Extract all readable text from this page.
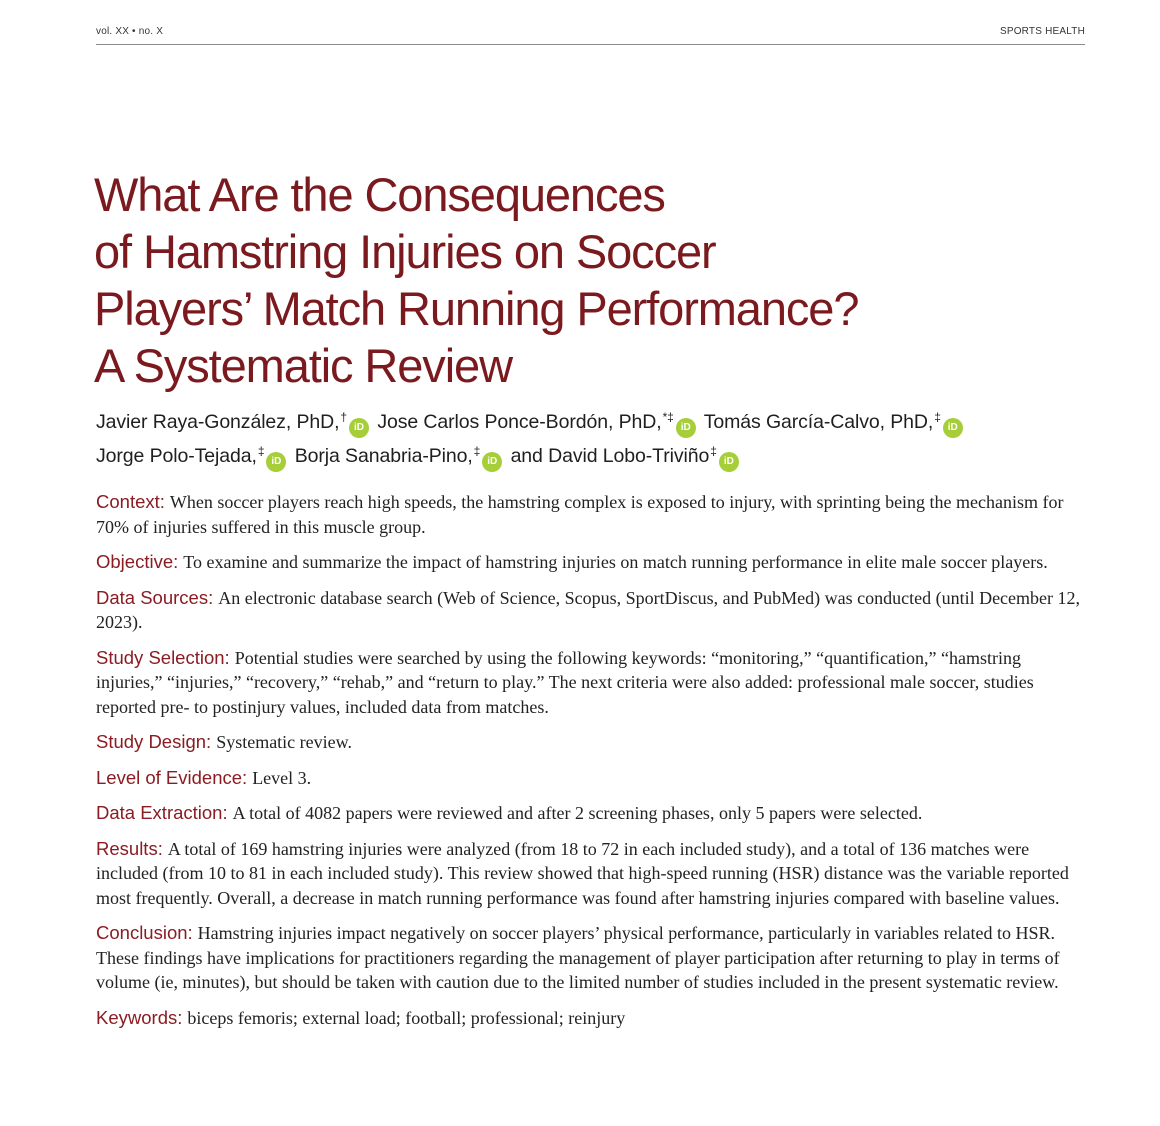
vol. XX • no. X	SPORTS HEALTH
What Are the Consequences
of Hamstring Injuries on Soccer
Players’ Match Running Performance?
A Systematic Review
Javier Raya-González, PhD,†iD Jose Carlos Ponce-Bordón, PhD,*‡iD Tomás García-Calvo, PhD,‡iD
Jorge Polo-Tejada,‡iD Borja Sanabria-Pino,‡iD and David Lobo-Triviño‡iD

Context: When soccer players reach high speeds, the hamstring complex is exposed to injury, with sprinting being the mechanism for 70% of injuries suffered in this muscle group.

Objective: To examine and summarize the impact of hamstring injuries on match running performance in elite male soccer players.

Data Sources: An electronic database search (Web of Science, Scopus, SportDiscus, and PubMed) was conducted (until December 12, 2023).

Study Selection: Potential studies were searched by using the following keywords: “monitoring,” “quantification,” “hamstring injuries,” “injuries,” “recovery,” “rehab,” and “return to play.” The next criteria were also added: professional male soccer, studies reported pre- to postinjury values, included data from matches.

Study Design: Systematic review.

Level of Evidence: Level 3.

Data Extraction: A total of 4082 papers were reviewed and after 2 screening phases, only 5 papers were selected.

Results: A total of 169 hamstring injuries were analyzed (from 18 to 72 in each included study), and a total of 136 matches were included (from 10 to 81 in each included study). This review showed that high-speed running (HSR) distance was the variable reported most frequently. Overall, a decrease in match running performance was found after hamstring injuries compared with baseline values.

Conclusion: Hamstring injuries impact negatively on soccer players’ physical performance, particularly in variables related to HSR. These findings have implications for practitioners regarding the management of player participation after returning to play in terms of volume (ie, minutes), but should be taken with caution due to the limited number of studies included in the present systematic review.

Keywords: biceps femoris; external load; football; professional; reinjury
